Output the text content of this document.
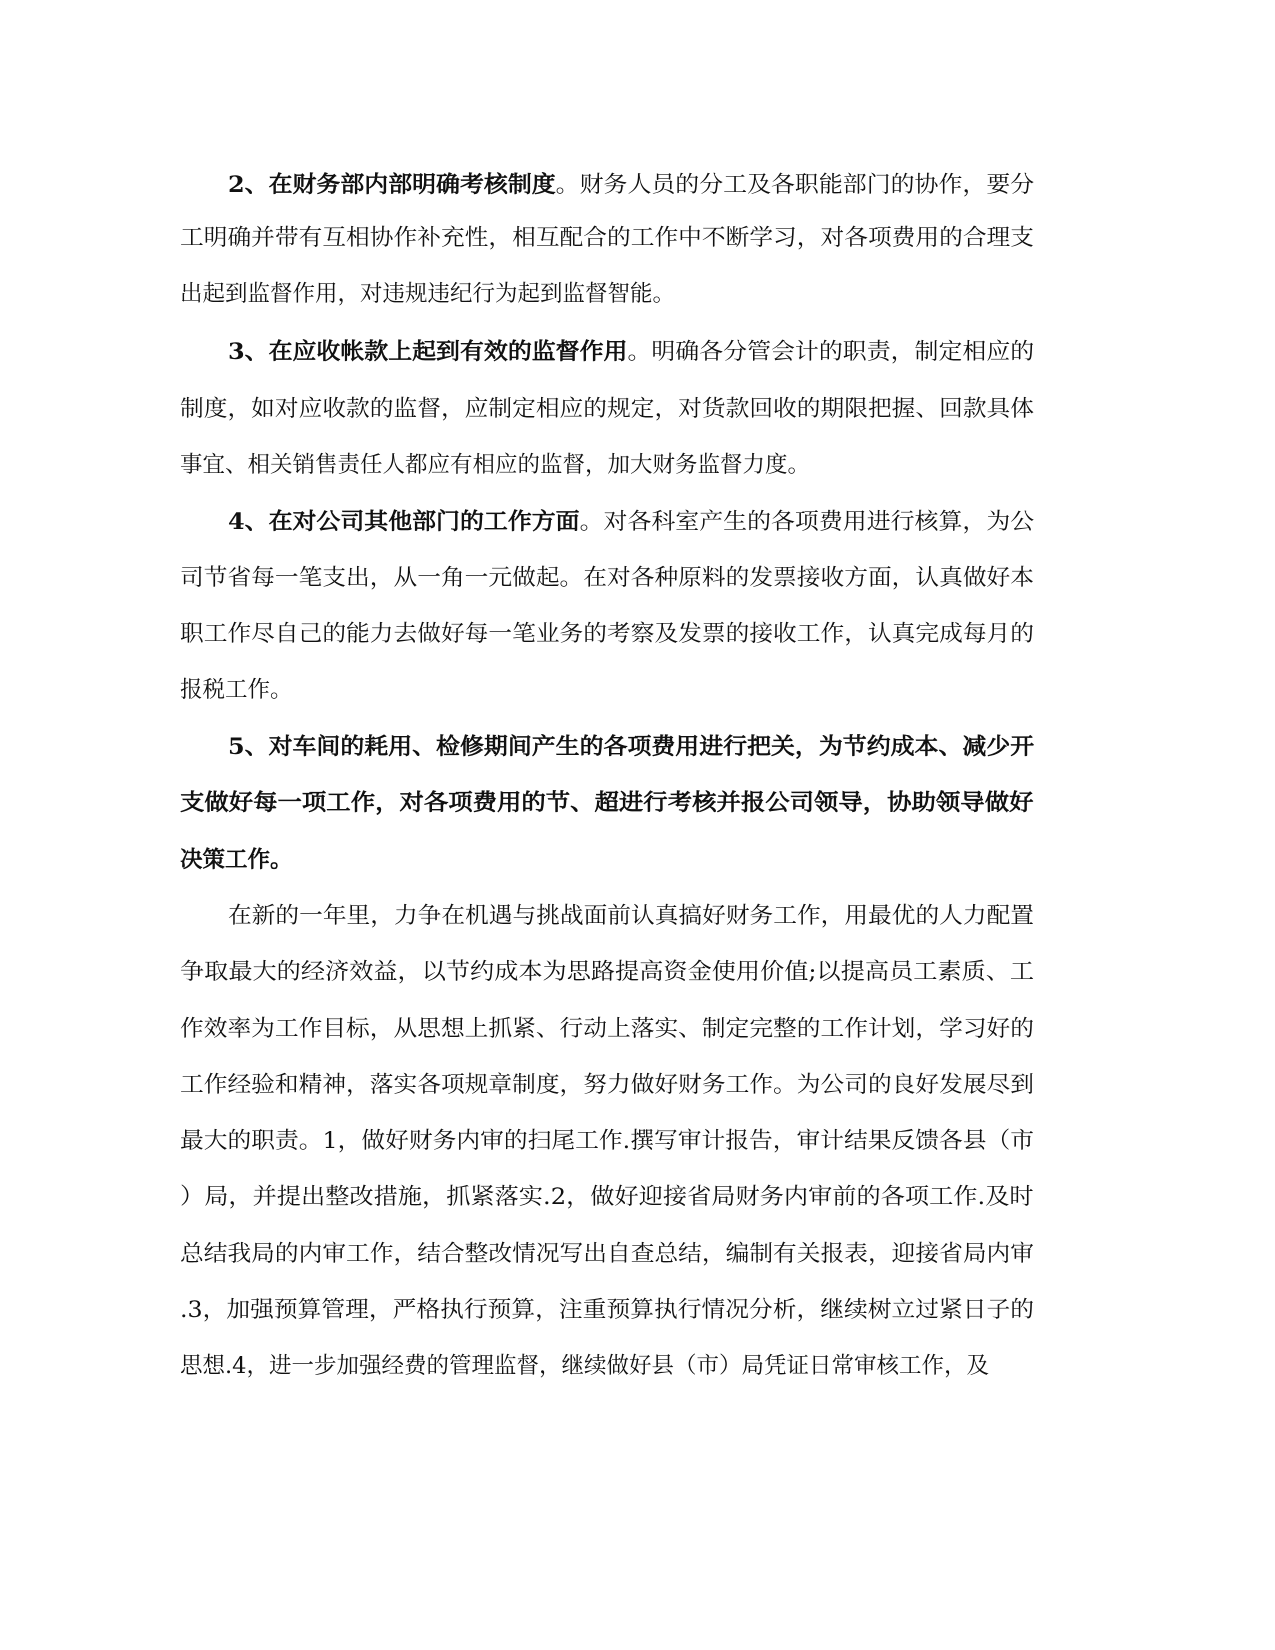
2、在财务部内部明确考核制度。财务人员的分工及各职能部门的协作，要分
工明确并带有互相协作补充性，相互配合的工作中不断学习，对各项费用的合理支
出起到监督作用，对违规违纪行为起到监督智能。
3、在应收帐款上起到有效的监督作用。明确各分管会计的职责，制定相应的
制度，如对应收款的监督，应制定相应的规定，对货款回收的期限把握、回款具体
事宜、相关销售责任人都应有相应的监督，加大财务监督力度。
4、在对公司其他部门的工作方面。对各科室产生的各项费用进行核算，为公
司节省每一笔支出，从一角一元做起。在对各种原料的发票接收方面，认真做好本
职工作尽自己的能力去做好每一笔业务的考察及发票的接收工作，认真完成每月的
报税工作。
5、对车间的耗用、检修期间产生的各项费用进行把关，为节约成本、减少开
支做好每一项工作，对各项费用的节、超进行考核并报公司领导，协助领导做好
决策工作。
在新的一年里，力争在机遇与挑战面前认真搞好财务工作，用最优的人力配置
争取最大的经济效益，以节约成本为思路提高资金使用价值;以提高员工素质、工
作效率为工作目标，从思想上抓紧、行动上落实、制定完整的工作计划，学习好的
工作经验和精神，落实各项规章制度，努力做好财务工作。为公司的良好发展尽到
最大的职责。1，做好财务内审的扫尾工作.撰写审计报告，审计结果反馈各县（市
）局，并提出整改措施，抓紧落实.2，做好迎接省局财务内审前的各项工作.及时
总结我局的内审工作，结合整改情况写出自查总结，编制有关报表，迎接省局内审
.3，加强预算管理，严格执行预算，注重预算执行情况分析，继续树立过紧日子的
思想.4，进一步加强经费的管理监督，继续做好县（市）局凭证日常审核工作，及
